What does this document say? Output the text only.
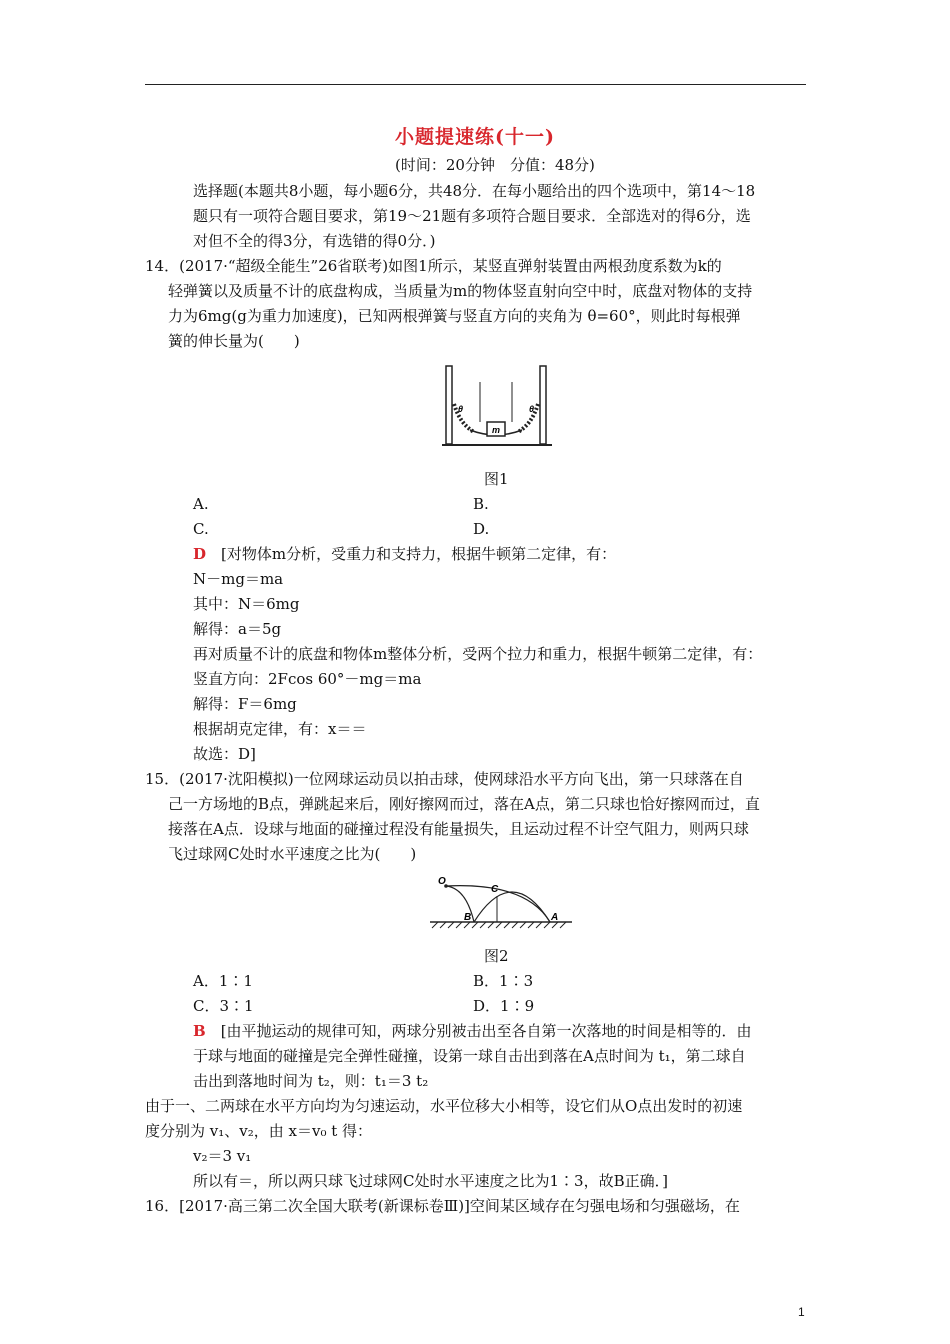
小题提速练(十一)
(时间：20分钟　分值：48分)
选择题(本题共8小题，每小题6分，共48分．在每小题给出的四个选项中，第14～18
题只有一项符合题目要求，第19～21题有多项符合题目要求．全部选对的得6分，选
对但不全的得3分，有选错的得0分．)
14．(2017·“超级全能生”26省联考)如图1所示，某竖直弹射装置由两根劲度系数为k的
轻弹簧以及质量不计的底盘构成，当质量为m的物体竖直射向空中时，底盘对物体的支持
力为6mg(g为重力加速度)，已知两根弹簧与竖直方向的夹角为 θ=60°，则此时每根弹
簧的伸长量为(　　)
m
θ	θ
图1
A.	B.
C.	D.
D　 [对物体m分析，受重力和支持力，根据牛顿第二定律，有：
N－mg＝ma
其中：N＝6mg
解得：a＝5g
再对质量不计的底盘和物体m整体分析，受两个拉力和重力，根据牛顿第二定律，有：
竖直方向：2Fcos 60°－mg＝ma
解得：F＝6mg
根据胡克定律，有：x＝＝
故选：D]
15．(2017·沈阳模拟)一位网球运动员以拍击球，使网球沿水平方向飞出，第一只球落在自
己一方场地的B点，弹跳起来后，刚好擦网而过，落在A点，第二只球也恰好擦网而过，直
接落在A点．设球与地面的碰撞过程没有能量损失，且运动过程不计空气阻力，则两只球
飞过球网C处时水平速度之比为(　　)
O
C
B	A
图2
A．1∶1	B．1∶3
C．3∶1	D．1∶9
B　 [由平抛运动的规律可知，两球分别被击出至各自第一次落地的时间是相等的．由
于球与地面的碰撞是完全弹性碰撞，设第一球自击出到落在A点时间为 t₁，第二球自
击出到落地时间为 t₂，则：t₁＝3 t₂
由于一、二两球在水平方向均为匀速运动，水平位移大小相等，设它们从O点出发时的初速
度分别为 v₁、v₂，由 x＝v₀ t 得：
v₂＝3 v₁
所以有＝，所以两只球飞过球网C处时水平速度之比为1∶3，故B正确．]
16．[2017·高三第二次全国大联考(新课标卷Ⅲ)]空间某区域存在匀强电场和匀强磁场，在
1
